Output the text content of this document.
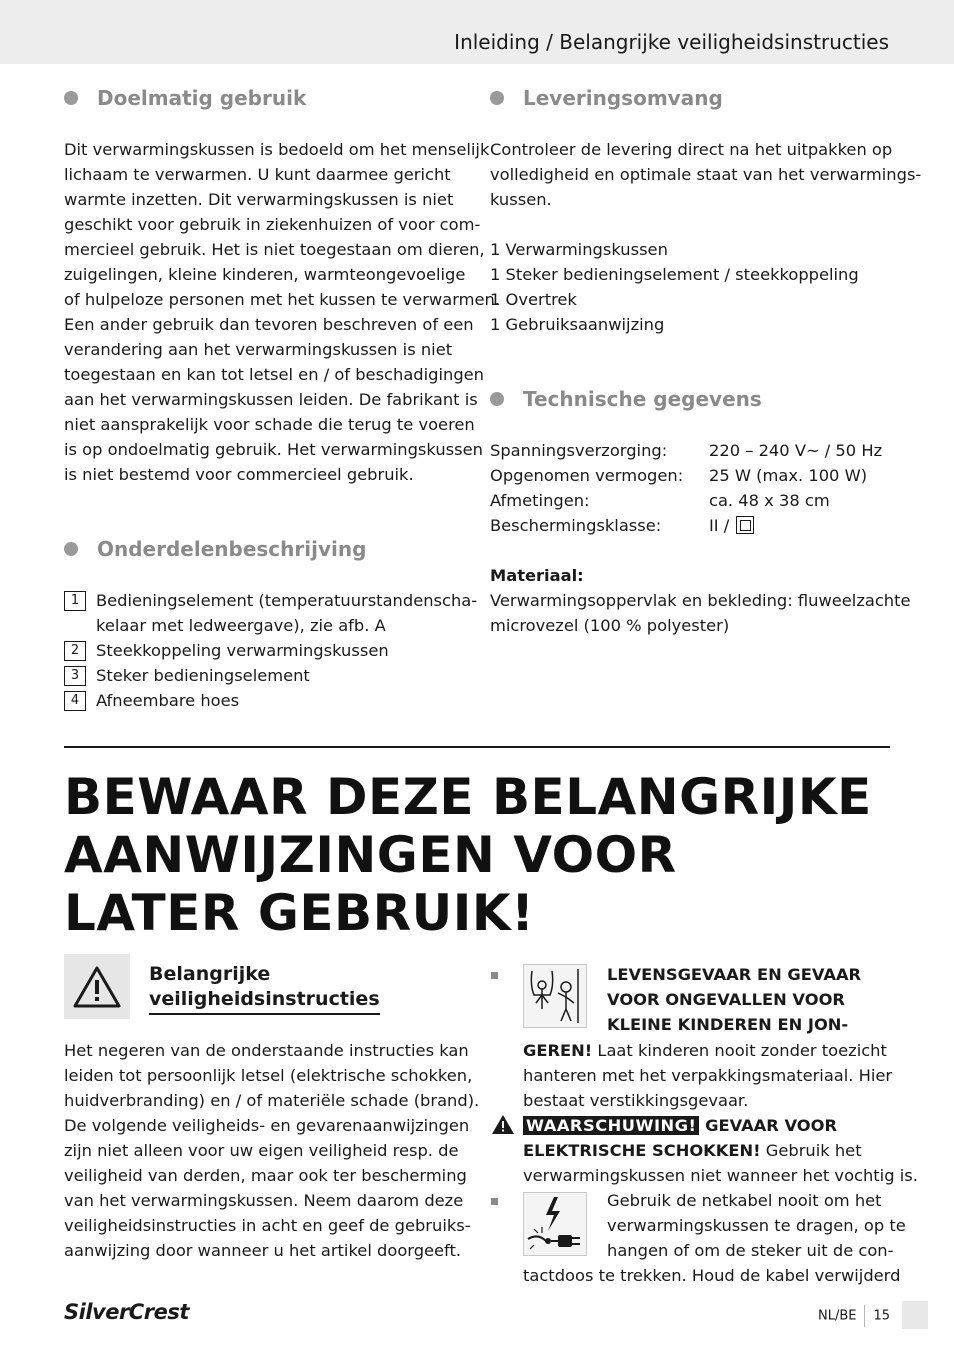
Inleiding / Belangrijke veiligheidsinstructies
Doelmatig gebruik
Dit verwarmingskussen is bedoeld om het menselijk
lichaam te verwarmen. U kunt daarmee gericht
warmte inzetten. Dit verwarmingskussen is niet
geschikt voor gebruik in ziekenhuizen of voor com-
mercieel gebruik. Het is niet toegestaan om dieren,
zuigelingen, kleine kinderen, warmteongevoelige
of hulpeloze personen met het kussen te verwarmen.
Een ander gebruik dan tevoren beschreven of een
verandering aan het verwarmingskussen is niet
toegestaan en kan tot letsel en / of beschadigingen
aan het verwarmingskussen leiden. De fabrikant is
niet aansprakelijk voor schade die terug te voeren
is op ondoelmatig gebruik. Het verwarmingskussen
is niet bestemd voor commercieel gebruik.
Onderdelenbeschrijving
1	Bedieningselement (temperatuurstandenscha-
kelaar met ledweergave), zie afb. A
2	Steekkoppeling verwarmingskussen
3	Steker bedieningselement
4	Afneembare hoes
Leveringsomvang
Controleer de levering direct na het uitpakken op
volledigheid en optimale staat van het verwarmings-
kussen.
1 Verwarmingskussen
1 Steker bedieningselement / steekkoppeling
1 Overtrek
1 Gebruiksaanwijzing
Technische gegevens
Spanningsverzorging:	220 – 240 V~ / 50 Hz
Opgenomen vermogen:	25 W (max. 100 W)
Afmetingen:	ca. 48 x 38 cm
Beschermingsklasse:	II /
Materiaal:
Verwarmingsoppervlak en bekleding: fluweelzachte
microvezel (100 % polyester)
BEWAAR DEZE BELANGRIJKE
AANWIJZINGEN VOOR
LATER GEBRUIK!
Belangrijke
veiligheidsinstructies
Het negeren van de onderstaande instructies kan
leiden tot persoonlijk letsel (elektrische schokken,
huidverbranding) en / of materiële schade (brand).
De volgende veiligheids- en gevarenaanwijzingen
zijn niet alleen voor uw eigen veiligheid resp. de
veiligheid van derden, maar ook ter bescherming
van het verwarmingskussen. Neem daarom deze
veiligheidsinstructies in acht en geef de gebruiks-
aanwijzing door wanneer u het artikel doorgeeft.
LEVENSGEVAAR EN GEVAAR
VOOR ONGEVALLEN VOOR
KLEINE KINDEREN EN JON-
GEREN! Laat kinderen nooit zonder toezicht
hanteren met het verpakkingsmateriaal. Hier
bestaat verstikkingsgevaar.
WAARSCHUWING! GEVAAR VOOR
ELEKTRISCHE SCHOKKEN! Gebruik het
verwarmingskussen niet wanneer het vochtig is.
Gebruik de netkabel nooit om het
verwarmingskussen te dragen, op te
hangen of om de steker uit de con-
tactdoos te trekken. Houd de kabel verwijderd
SilverCrest	NL/BE 15
